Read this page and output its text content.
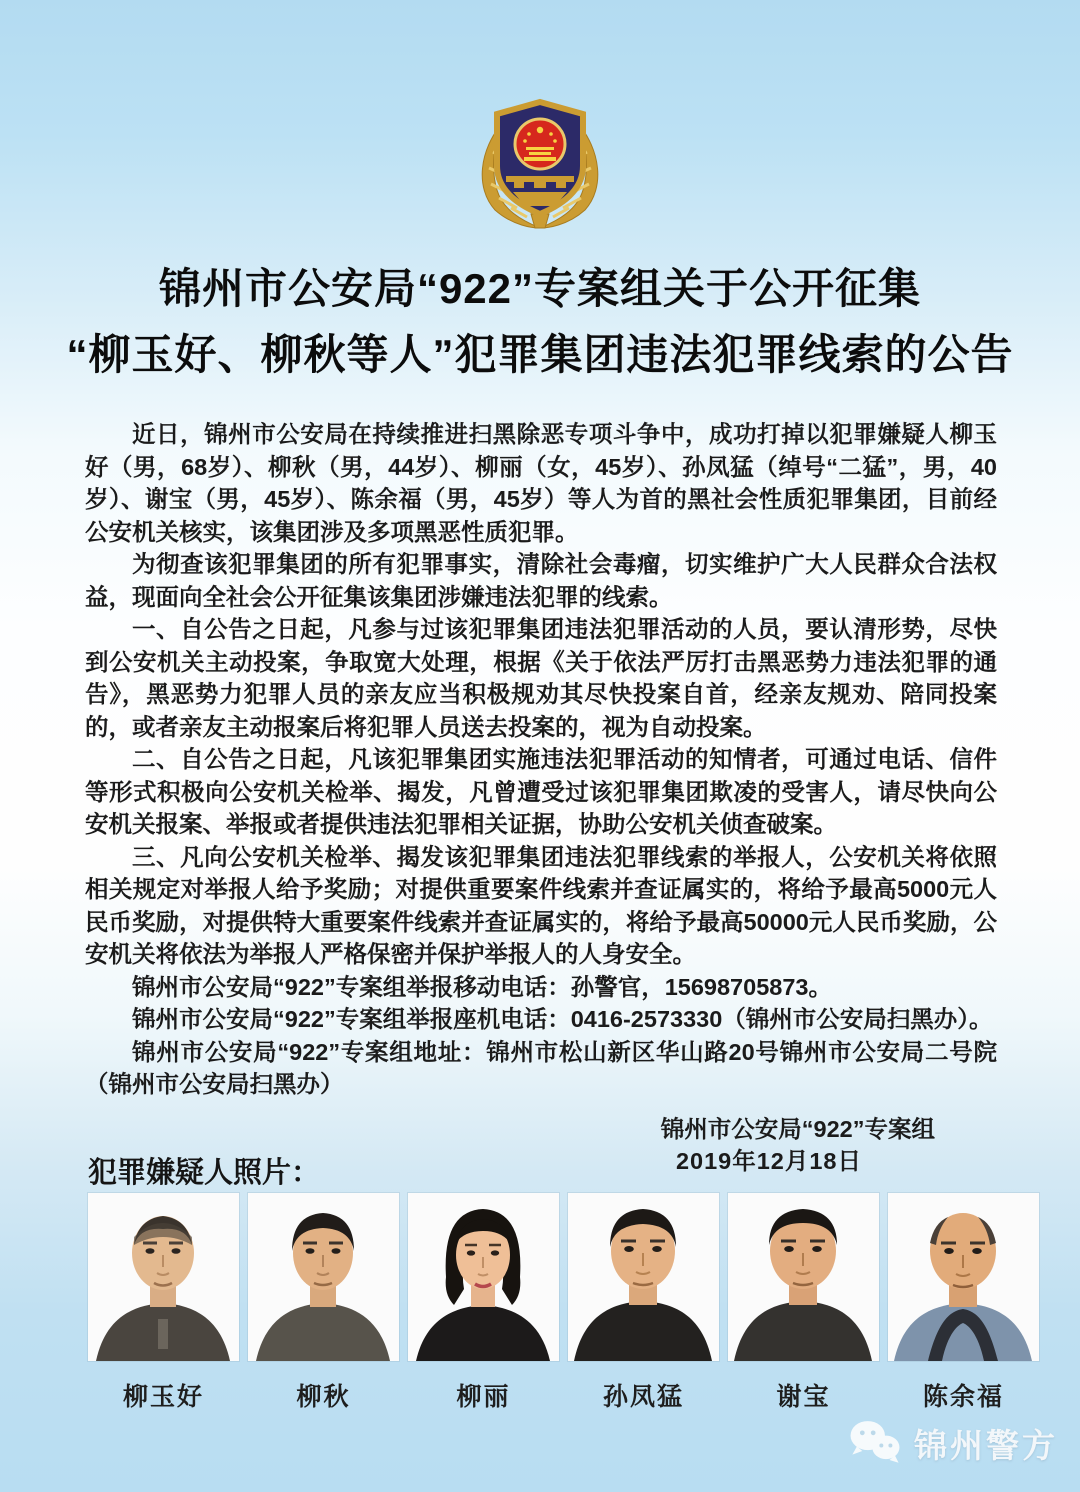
锦州市公安局“922”专案组关于公开征集
“柳玉好、柳秋等人”犯罪集团违法犯罪线索的公告

近日，锦州市公安局在持续推进扫黑除恶专项斗争中，成功打掉以犯罪嫌疑人柳玉好（男，68岁）、柳秋（男，44岁）、柳丽（女，45岁）、孙凤猛（绰号“二猛”，男，40岁）、谢宝（男，45岁）、陈余福（男，45岁）等人为首的黑社会性质犯罪集团，目前经公安机关核实，该集团涉及多项黑恶性质犯罪。

为彻查该犯罪集团的所有犯罪事实，清除社会毒瘤，切实维护广大人民群众合法权益，现面向全社会公开征集该集团涉嫌违法犯罪的线索。

一、自公告之日起，凡参与过该犯罪集团违法犯罪活动的人员，要认清形势，尽快到公安机关主动投案，争取宽大处理，根据《关于依法严厉打击黑恶势力违法犯罪的通告》，黑恶势力犯罪人员的亲友应当积极规劝其尽快投案自首，经亲友规劝、陪同投案的，或者亲友主动报案后将犯罪人员送去投案的，视为自动投案。

二、自公告之日起，凡该犯罪集团实施违法犯罪活动的知情者，可通过电话、信件等形式积极向公安机关检举、揭发，凡曾遭受过该犯罪集团欺凌的受害人，请尽快向公安机关报案、举报或者提供违法犯罪相关证据，协助公安机关侦查破案。

三、凡向公安机关检举、揭发该犯罪集团违法犯罪线索的举报人，公安机关将依照相关规定对举报人给予奖励；对提供重要案件线索并查证属实的，将给予最高5000元人民币奖励，对提供特大重要案件线索并查证属实的，将给予最高50000元人民币奖励，公安机关将依法为举报人严格保密并保护举报人的人身安全。

锦州市公安局“922”专案组举报移动电话：孙警官，15698705873。

锦州市公安局“922”专案组举报座机电话：0416-2573330（锦州市公安局扫黑办）。

锦州市公安局“922”专案组地址：锦州市松山新区华山路20号锦州市公安局二号院（锦州市公安局扫黑办）

锦州市公安局“922”专案组
2019年12月18日
犯罪嫌疑人照片：
柳玉好	柳秋	柳丽	孙凤猛	谢宝	陈余福
锦州警方
